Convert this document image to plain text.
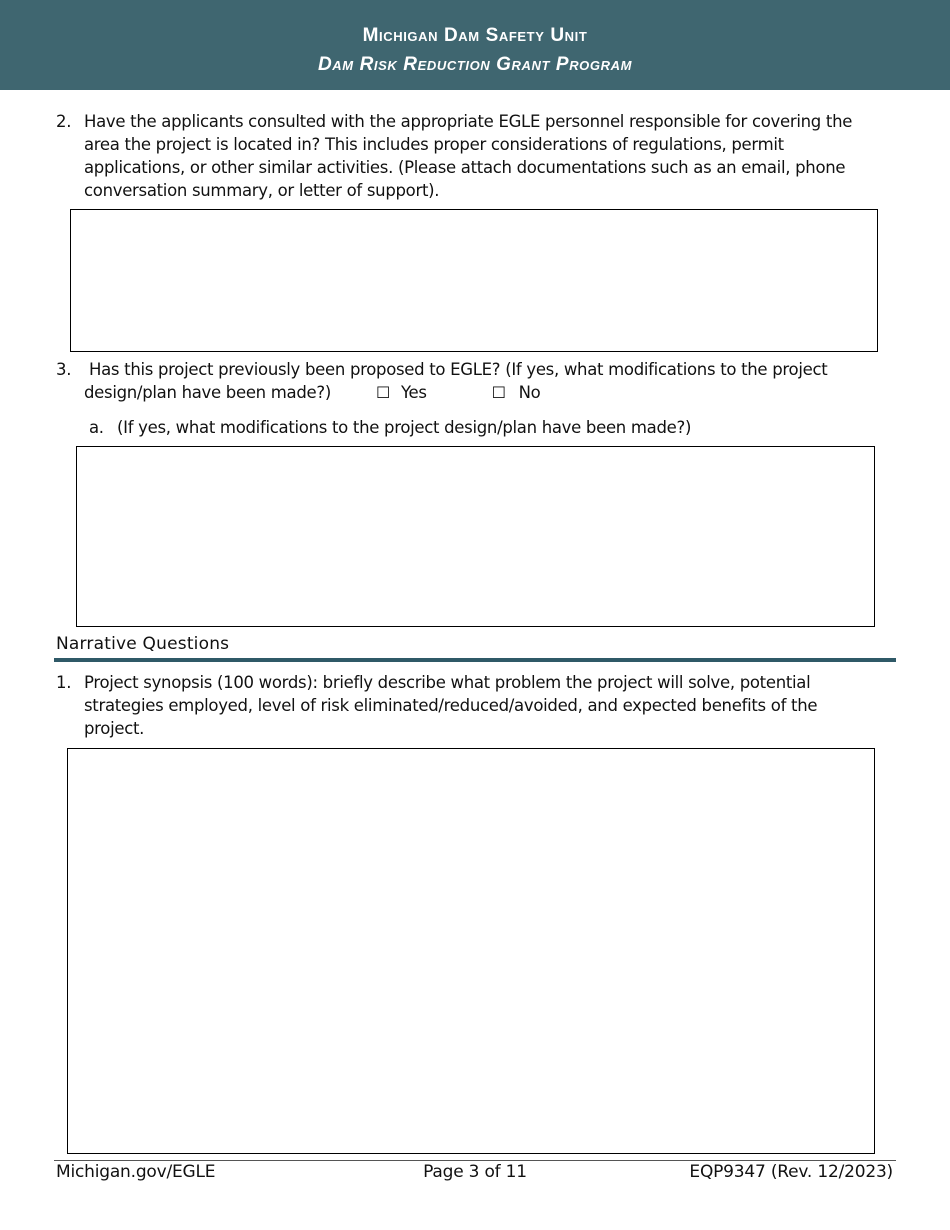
Michigan Dam Safety Unit
Dam Risk Reduction Grant Program
2. Have the applicants consulted with the appropriate EGLE personnel responsible for covering the
area the project is located in? This includes proper considerations of regulations, permit
applications, or other similar activities. (Please attach documentations such as an email, phone
conversation summary, or letter of support).
3. Has this project previously been proposed to EGLE? (If yes, what modifications to the project
design/plan have been made?)	☐ Yes	☐ No
a. (If yes, what modifications to the project design/plan have been made?)
Narrative Questions
1. Project synopsis (100 words): briefly describe what problem the project will solve, potential
strategies employed, level of risk eliminated/reduced/avoided, and expected benefits of the
project.
Michigan.gov/EGLE	Page 3 of 11	EQP9347 (Rev. 12/2023)
